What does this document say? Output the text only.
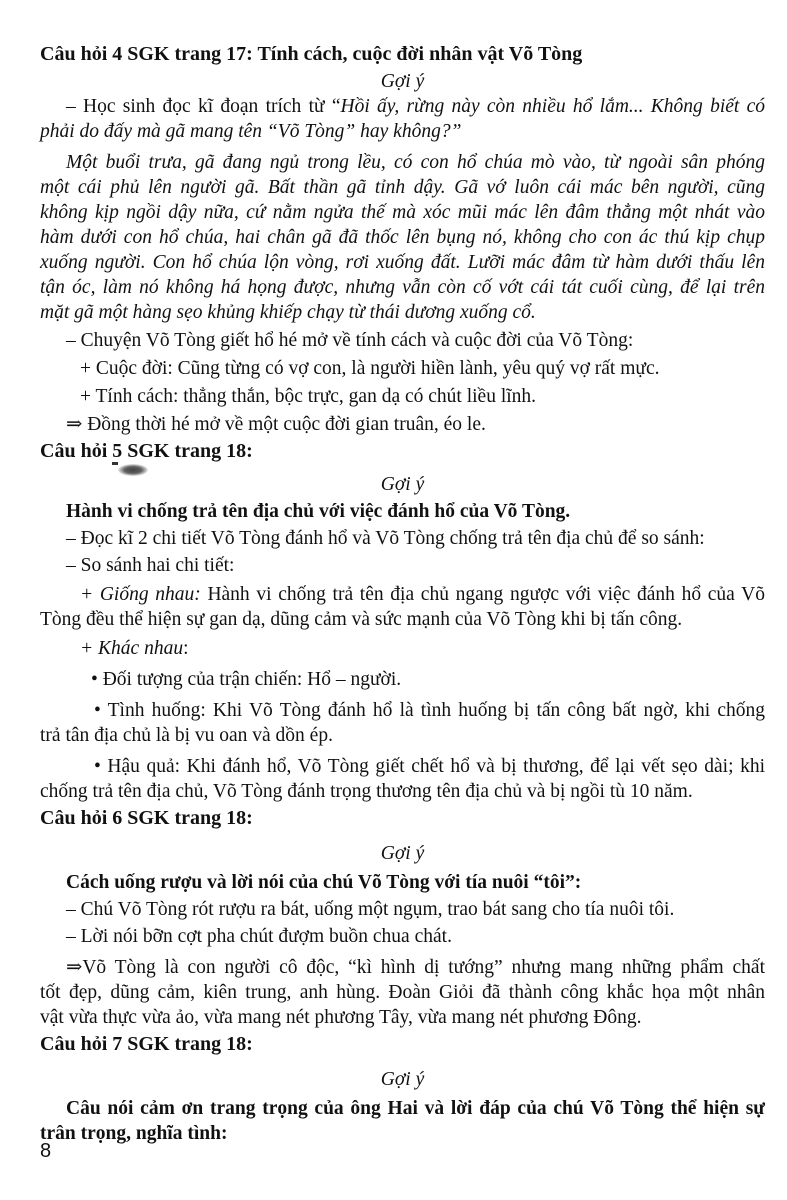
Câu hỏi 4 SGK trang 17: Tính cách, cuộc đời nhân vật Võ Tòng
Gợi ý
– Học sinh đọc kĩ đoạn trích từ “Hồi ấy, rừng này còn nhiều hổ lắm... Không biết có
phải do đấy mà gã mang tên “Võ Tòng” hay không?”
Một buổi trưa, gã đang ngủ trong lều, có con hổ chúa mò vào, từ ngoài sân phóng
một cái phủ lên người gã. Bất thần gã tỉnh dậy. Gã vớ luôn cái mác bên người, cũng
không kịp ngồi dậy nữa, cứ nằm ngửa thế mà xóc mũi mác lên đâm thẳng một nhát vào
hàm dưới con hổ chúa, hai chân gã đã thốc lên bụng nó, không cho con ác thú kịp chụp
xuống người. Con hổ chúa lộn vòng, rơi xuống đất. Lưỡi mác đâm từ hàm dưới thấu lên
tận óc, làm nó không há họng được, nhưng vẫn còn cố vớt cái tát cuối cùng, để lại trên
mặt gã một hàng sẹo khủng khiếp chạy từ thái dương xuống cổ.
– Chuyện Võ Tòng giết hổ hé mở về tính cách và cuộc đời của Võ Tòng:
+ Cuộc đời: Cũng từng có vợ con, là người hiền lành, yêu quý vợ rất mực.
+ Tính cách: thẳng thắn, bộc trực, gan dạ có chút liều lĩnh.
⇒ Đồng thời hé mở về một cuộc đời gian truân, éo le.
Câu hỏi 5 SGK trang 18:
Gợi ý
Hành vi chống trả tên địa chủ với việc đánh hổ của Võ Tòng.
– Đọc kĩ 2 chi tiết Võ Tòng đánh hổ và Võ Tòng chống trả tên địa chủ để so sánh:
– So sánh hai chi tiết:
+ Giống nhau: Hành vi chống trả tên địa chủ ngang ngược với việc đánh hổ của Võ
Tòng đều thể hiện sự gan dạ, dũng cảm và sức mạnh của Võ Tòng khi bị tấn công.
+ Khác nhau:
• Đối tượng của trận chiến: Hổ – người.
• Tình huống: Khi Võ Tòng đánh hổ là tình huống bị tấn công bất ngờ, khi chống
trả tân địa chủ là bị vu oan và dồn ép.
• Hậu quả: Khi đánh hổ, Võ Tòng giết chết hổ và bị thương, để lại vết sẹo dài; khi
chống trả tên địa chủ, Võ Tòng đánh trọng thương tên địa chủ và bị ngồi tù 10 năm.
Câu hỏi 6 SGK trang 18:
Gợi ý
Cách uống rượu và lời nói của chú Võ Tòng với tía nuôi “tôi”:
– Chú Võ Tòng rót rượu ra bát, uống một ngụm, trao bát sang cho tía nuôi tôi.
– Lời nói bỡn cợt pha chút đượm buồn chua chát.
⇒Võ Tòng là con người cô độc, “kì hình dị tướng” nhưng mang những phẩm chất
tốt đẹp, dũng cảm, kiên trung, anh hùng. Đoàn Giỏi đã thành công khắc họa một nhân
vật vừa thực vừa ảo, vừa mang nét phương Tây, vừa mang nét phương Đông.
Câu hỏi 7 SGK trang 18:
Gợi ý
Câu nói cảm ơn trang trọng của ông Hai và lời đáp của chú Võ Tòng thể hiện sự
trân trọng, nghĩa tình:
8
